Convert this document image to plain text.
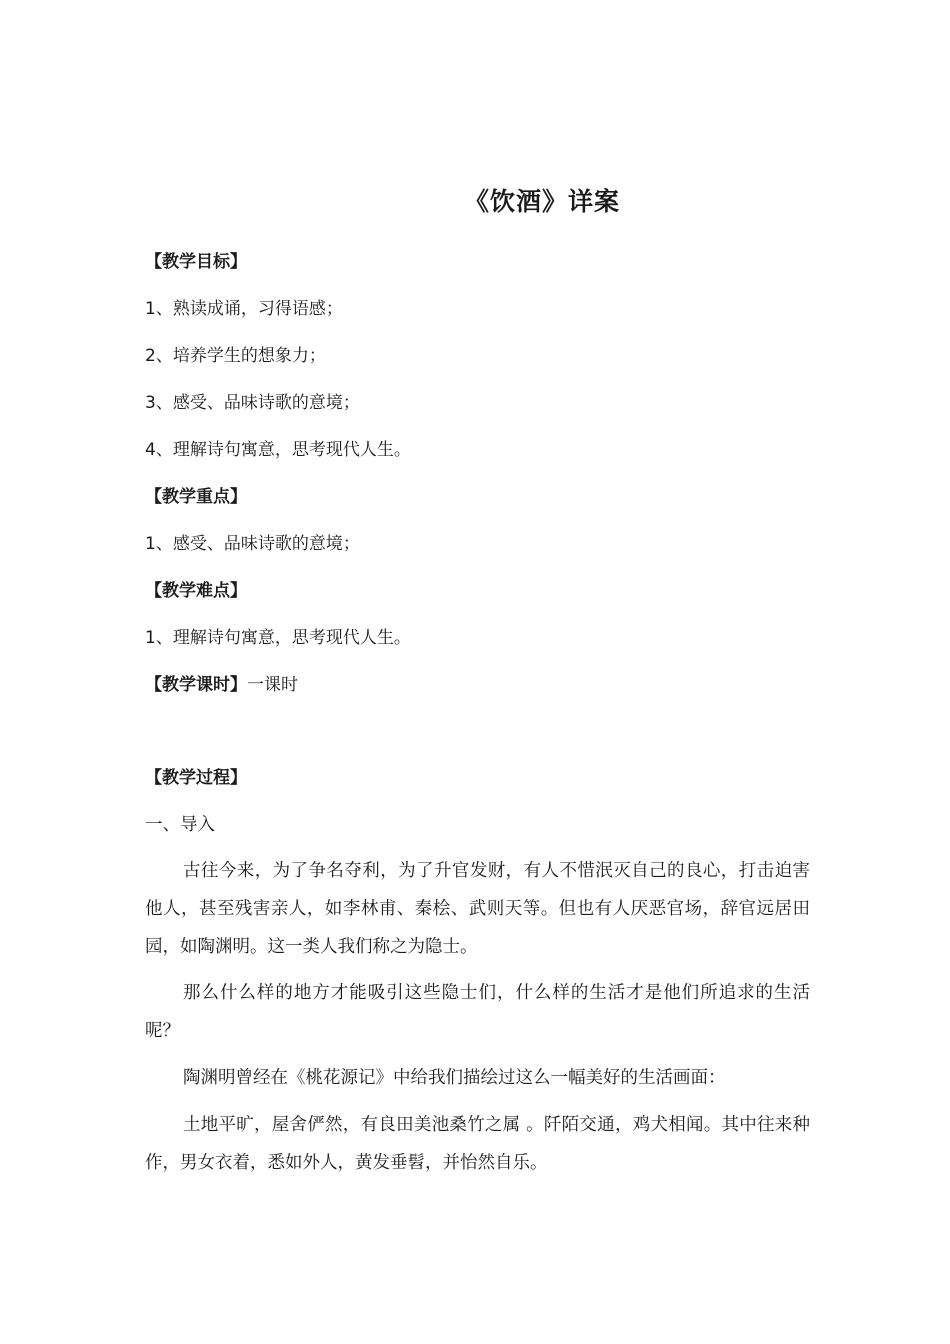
《饮酒》详案
【教学目标】
1、熟读成诵，习得语感；
2、培养学生的想象力；
3、感受、品味诗歌的意境；
4、理解诗句寓意，思考现代人生。
【教学重点】
1、感受、品味诗歌的意境；
【教学难点】
1、理解诗句寓意，思考现代人生。
【教学课时】一课时
【教学过程】
一、导入

古往今来，为了争名夺利，为了升官发财，有人不惜泯灭自己的良心，打击迫害他人，甚至残害亲人，如李林甫、秦桧、武则天等。但也有人厌恶官场，辞官远居田园，如陶渊明。这一类人我们称之为隐士。

那么什么样的地方才能吸引这些隐士们，什么样的生活才是他们所追求的生活呢？

陶渊明曾经在《桃花源记》中给我们描绘过这么一幅美好的生活画面：

土地平旷，屋舍俨然，有良田美池桑竹之属 。阡陌交通，鸡犬相闻。其中往来种作，男女衣着，悉如外人，黄发垂髫，并怡然自乐。
